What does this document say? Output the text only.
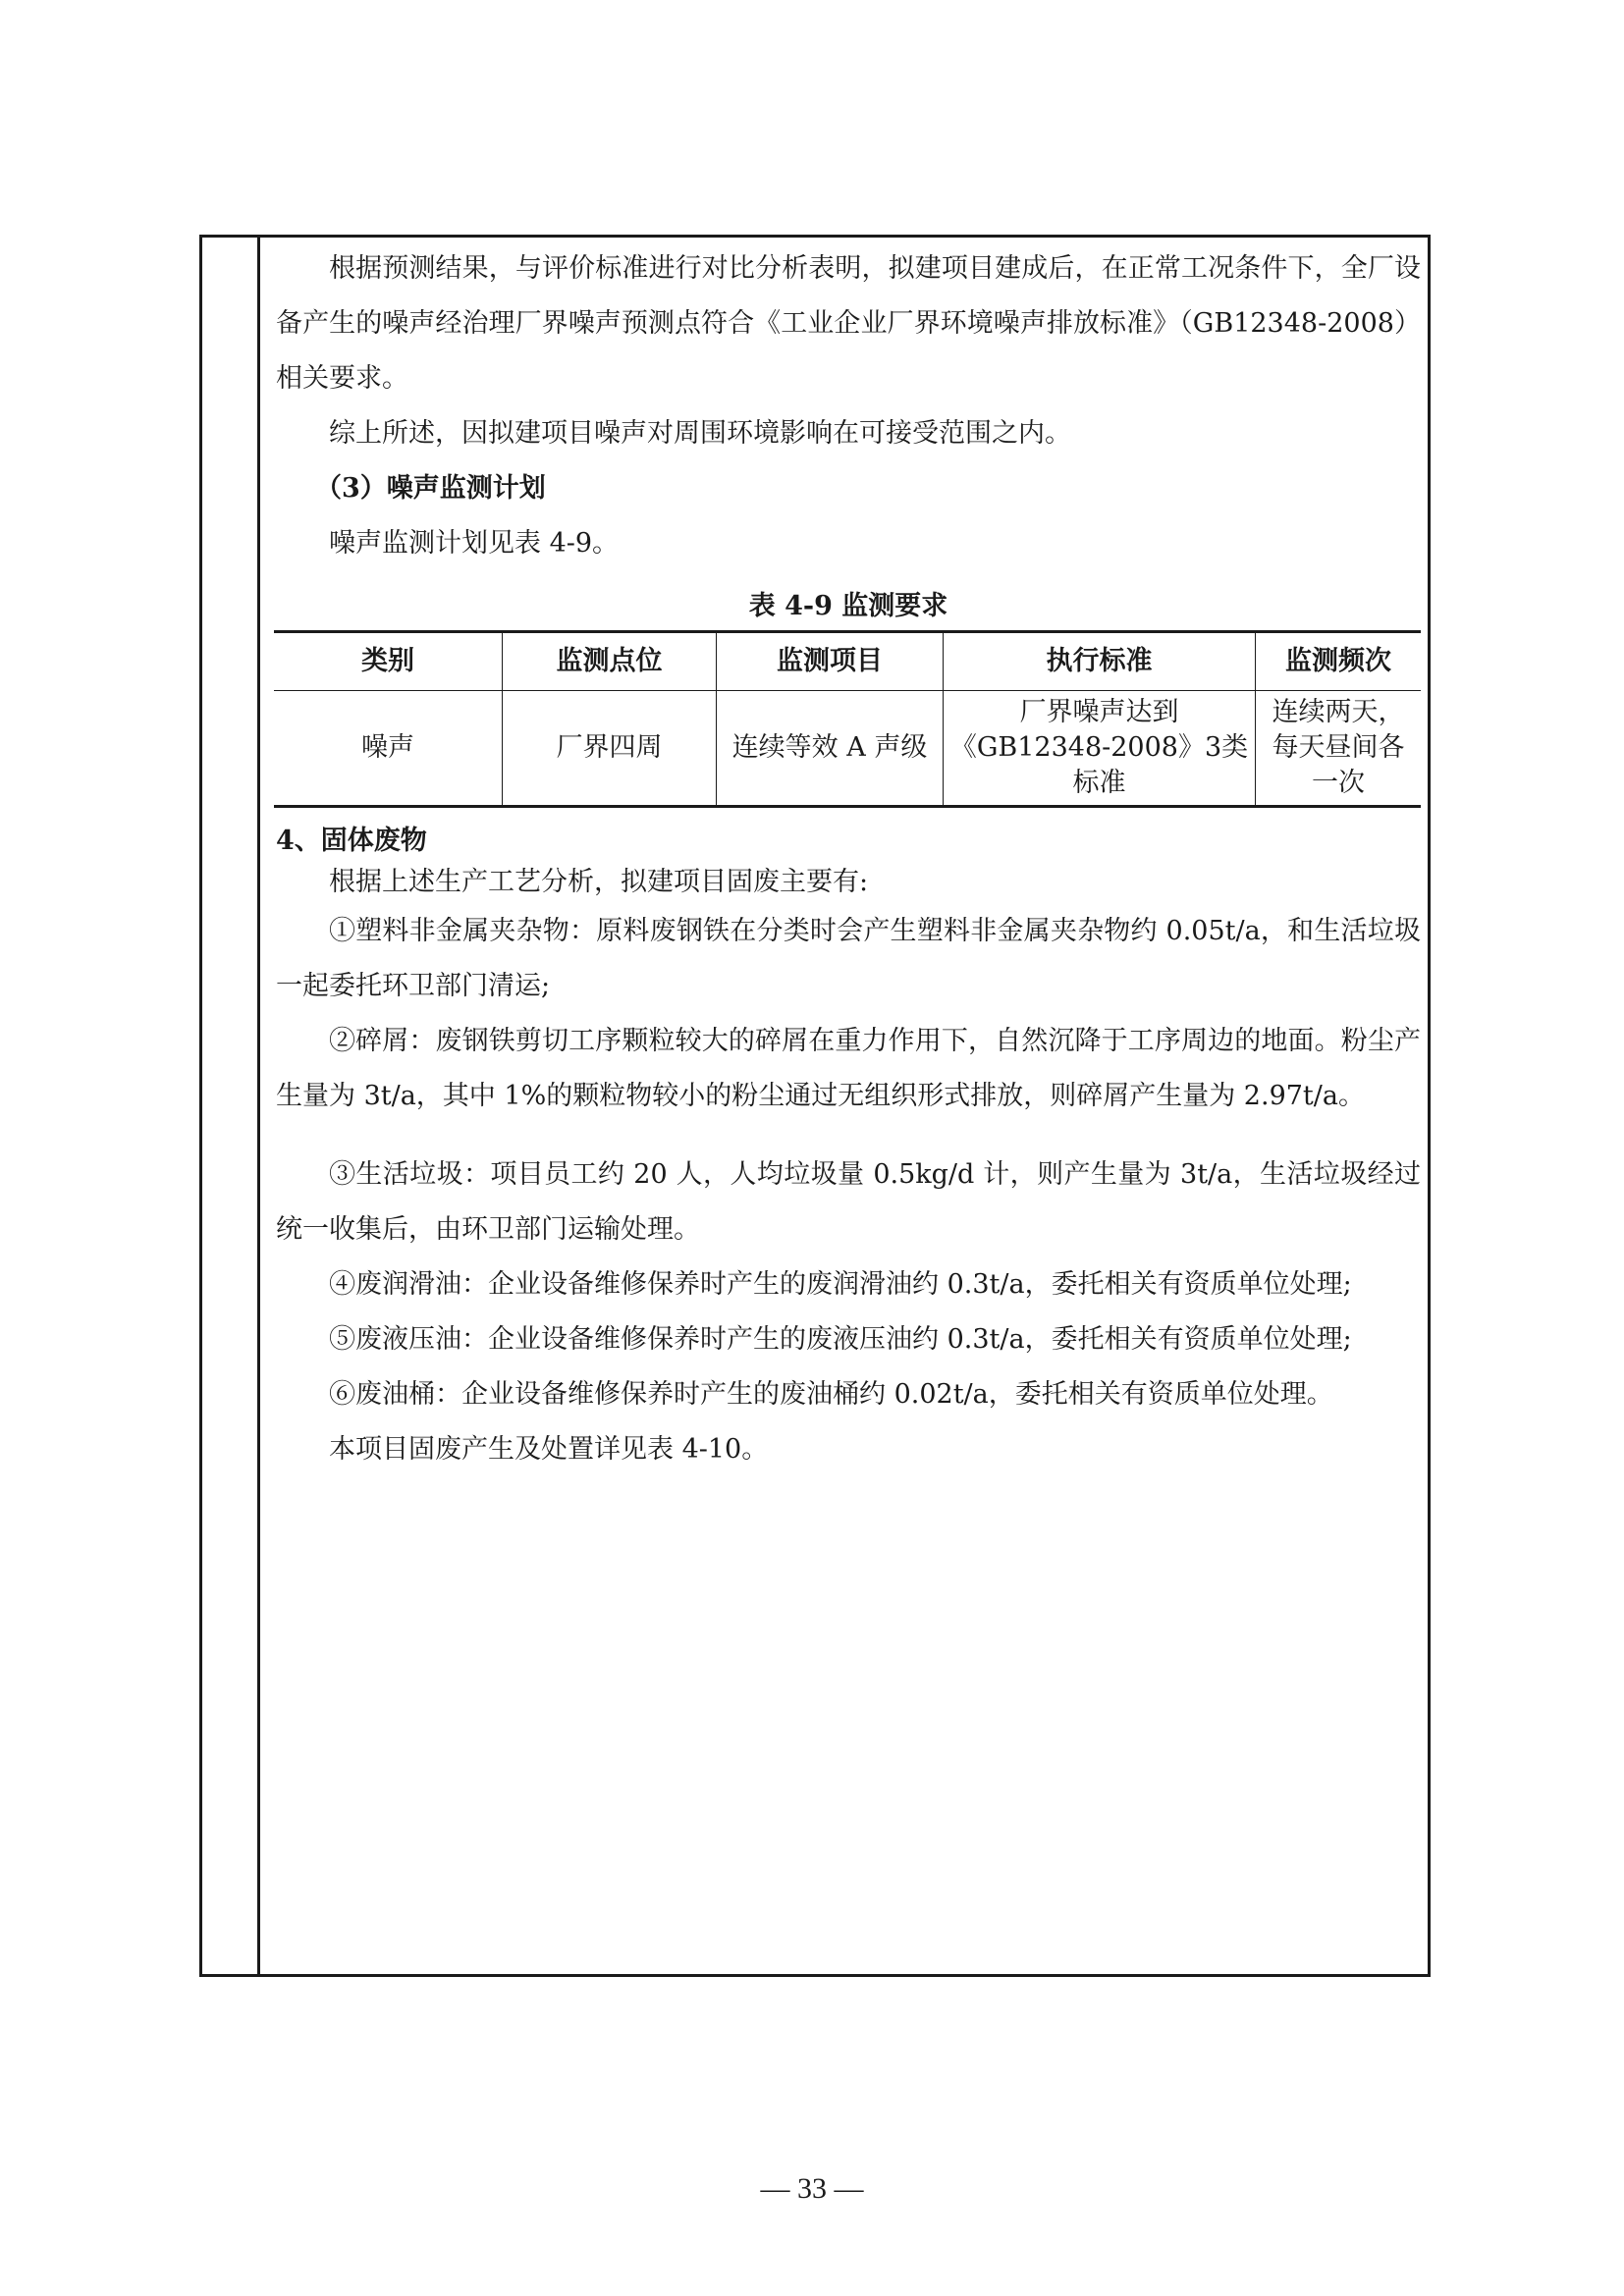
根据预测结果，与评价标准进行对比分析表明，拟建项目建成后，在正常工况条件下，全厂设备产生的噪声经治理厂界噪声预测点符合《工业企业厂界环境噪声排放标准》（GB12348-2008）相关要求。

综上所述，因拟建项目噪声对周围环境影响在可接受范围之内。

（3）噪声监测计划

噪声监测计划见表 4-9。

表 4-9 监测要求
类别	监测点位	监测项目	执行标准	监测频次
噪声	厂界四周	连续等效 A 声级	厂界噪声达到《GB12348-2008》3类标准	连续两天，每天昼间各一次

4、固体废物

根据上述生产工艺分析，拟建项目固废主要有:

①塑料非金属夹杂物：原料废钢铁在分类时会产生塑料非金属夹杂物约 0.05t/a，和生活垃圾一起委托环卫部门清运;

②碎屑：废钢铁剪切工序颗粒较大的碎屑在重力作用下，自然沉降于工序周边的地面。粉尘产生量为 3t/a，其中 1%的颗粒物较小的粉尘通过无组织形式排放，则碎屑产生量为 2.97t/a。

③生活垃圾：项目员工约 20 人，人均垃圾量 0.5kg/d 计，则产生量为 3t/a，生活垃圾经过统一收集后，由环卫部门运输处理。

④废润滑油：企业设备维修保养时产生的废润滑油约 0.3t/a，委托相关有资质单位处理;

⑤废液压油：企业设备维修保养时产生的废液压油约 0.3t/a，委托相关有资质单位处理;

⑥废油桶：企业设备维修保养时产生的废油桶约 0.02t/a，委托相关有资质单位处理。

本项目固废产生及处置详见表 4-10。

— 33 —
